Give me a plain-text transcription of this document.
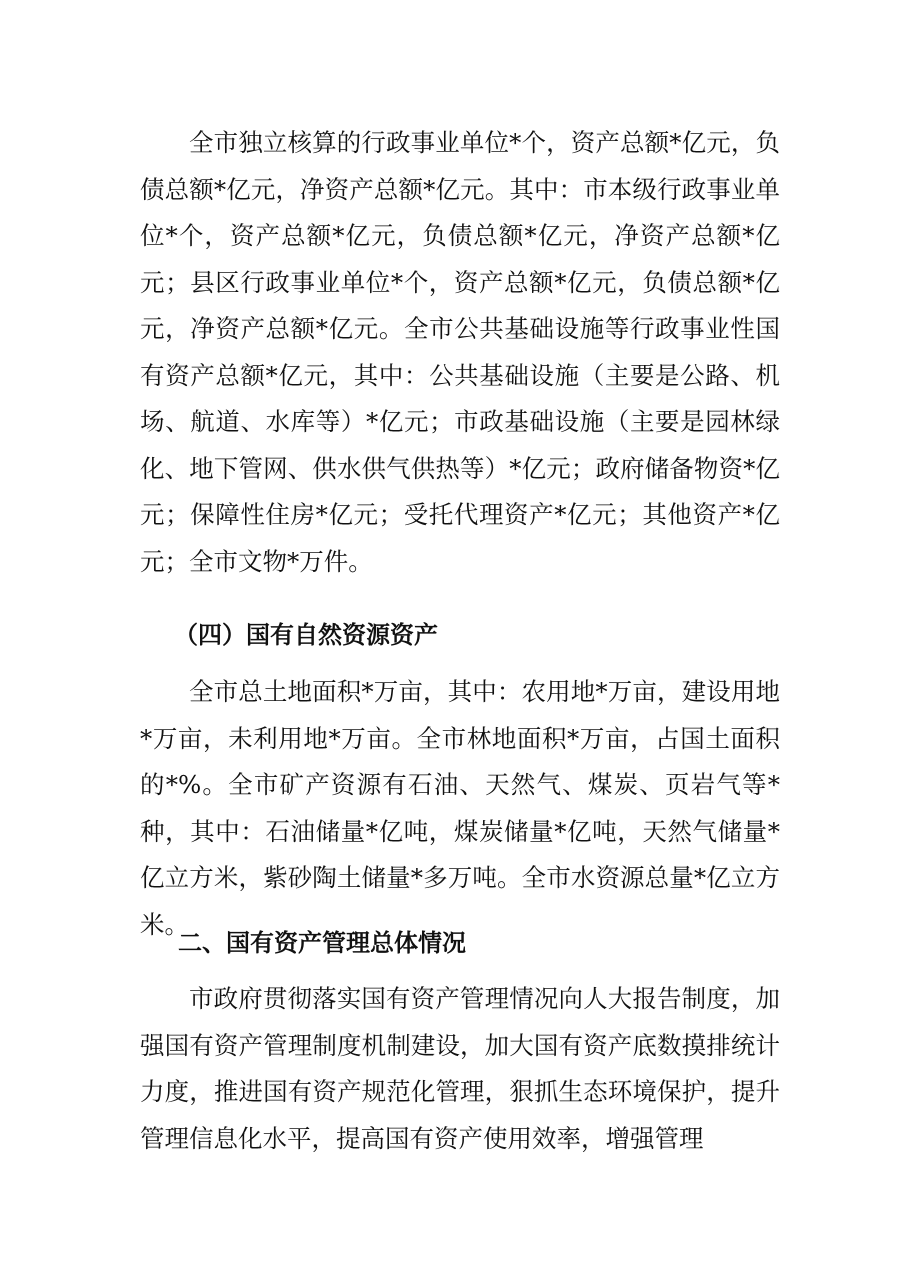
全市独立核算的行政事业单位*个，资产总额*亿元，负债总额*亿元，净资产总额*亿元。其中：市本级行政事业单位*个，资产总额*亿元，负债总额*亿元，净资产总额*亿元；县区行政事业单位*个，资产总额*亿元，负债总额*亿元，净资产总额*亿元。全市公共基础设施等行政事业性国有资产总额*亿元，其中：公共基础设施（主要是公路、机场、航道、水库等）*亿元；市政基础设施（主要是园林绿化、地下管网、供水供气供热等）*亿元；政府储备物资*亿元；保障性住房*亿元；受托代理资产*亿元；其他资产*亿元；全市文物*万件。

（四）国有自然资源资产

全市总土地面积*万亩，其中：农用地*万亩，建设用地*万亩，未利用地*万亩。全市林地面积*万亩，占国土面积的*%。全市矿产资源有石油、天然气、煤炭、页岩气等*种，其中：石油储量*亿吨，煤炭储量*亿吨，天然气储量*亿立方米，紫砂陶土储量*多万吨。全市水资源总量*亿立方米。

二、国有资产管理总体情况

市政府贯彻落实国有资产管理情况向人大报告制度，加强国有资产管理制度机制建设，加大国有资产底数摸排统计力度，推进国有资产规范化管理，狠抓生态环境保护，提升管理信息化水平，提高国有资产使用效率，增强管理
